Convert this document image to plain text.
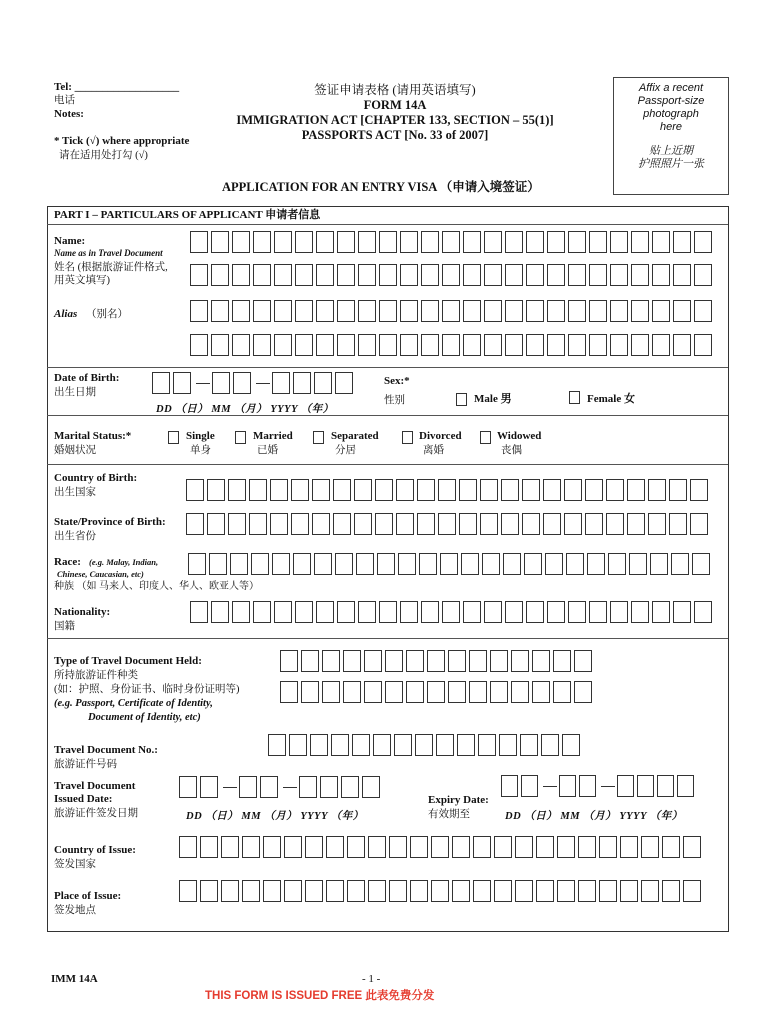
Tel: ___________________
电话
Notes:
* Tick (√) where appropriate
请在适用处打勾 (√)
签证申请表格 (请用英语填写)
FORM 14A
IMMIGRATION ACT [CHAPTER 133, SECTION – 55(1)]
PASSPORTS ACT [No. 33 of 2007]
APPLICATION FOR AN ENTRY VISA （申请入境签证）
Affix a recent
Passport-size
photograph
here
贴上近期
护照照片一张
PART I – PARTICULARS OF APPLICANT 申请者信息
Name:
Name as in Travel Document
姓名 (根据旅游证件格式,
用英文填写)
Alias （别名）
Date of Birth:
出生日期
DD （日） MM （月） YYYY （年）
Sex:*
性别	Male 男	Female 女
Marital Status:*
婚姻状况
Single
单身
Married
已婚
Separated
分居
Divorced
离婚
Widowed
丧偶
Country of Birth:
出生国家
State/Province of Birth:
出生省份
Race: (e.g. Malay, Indian,
Chinese, Caucasian, etc)
种族 （如 马来人、印度人、华人、欧亚人等）
Nationality:
国籍
Type of Travel Document Held:
所持旅游证件种类
(如：护照、身份证书、临时身份证明等)
(e.g. Passport, Certificate of Identity,
Document of Identity, etc)
Travel Document No.:
旅游证件号码
Travel Document
Issued Date:
旅游证件签发日期	DD （日） MM （月） YYYY （年）
Expiry Date:
有效期至	DD （日） MM （月） YYYY （年）
Country of Issue:
签发国家
Place of Issue:
签发地点
IMM 14A	- 1 -
THIS FORM IS ISSUED FREE 此表免费分发
